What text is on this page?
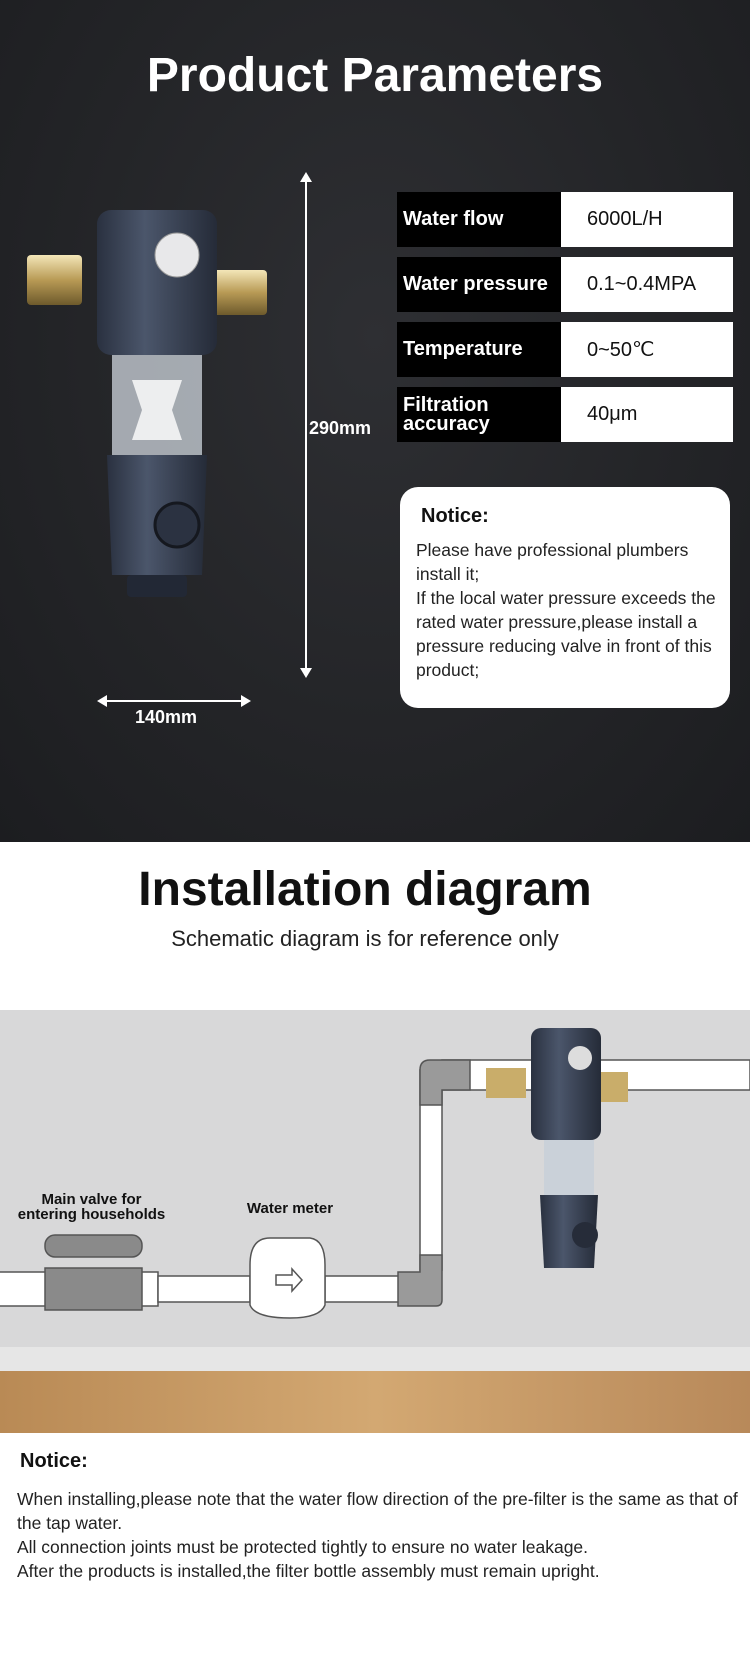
Product Parameters
290mm
140mm
Water flow	6000L/H
Water pressure	0.1~0.4MPA
Temperature	0~50℃
Filtration accuracy	40μm
Notice:

Please have professional plumbers install it;

If the local water pressure exceeds the rated water pressure,please install a pressure reducing valve in front of this product;

Installation diagram
Schematic diagram is for reference only
Main valve for
entering households	Water meter
Notice:

When installing,please note that the water flow direction of the pre-filter is the same as that of the tap water.

All connection joints must be protected tightly to ensure no water leakage.

After the products is installed,the filter bottle assembly must remain upright.
